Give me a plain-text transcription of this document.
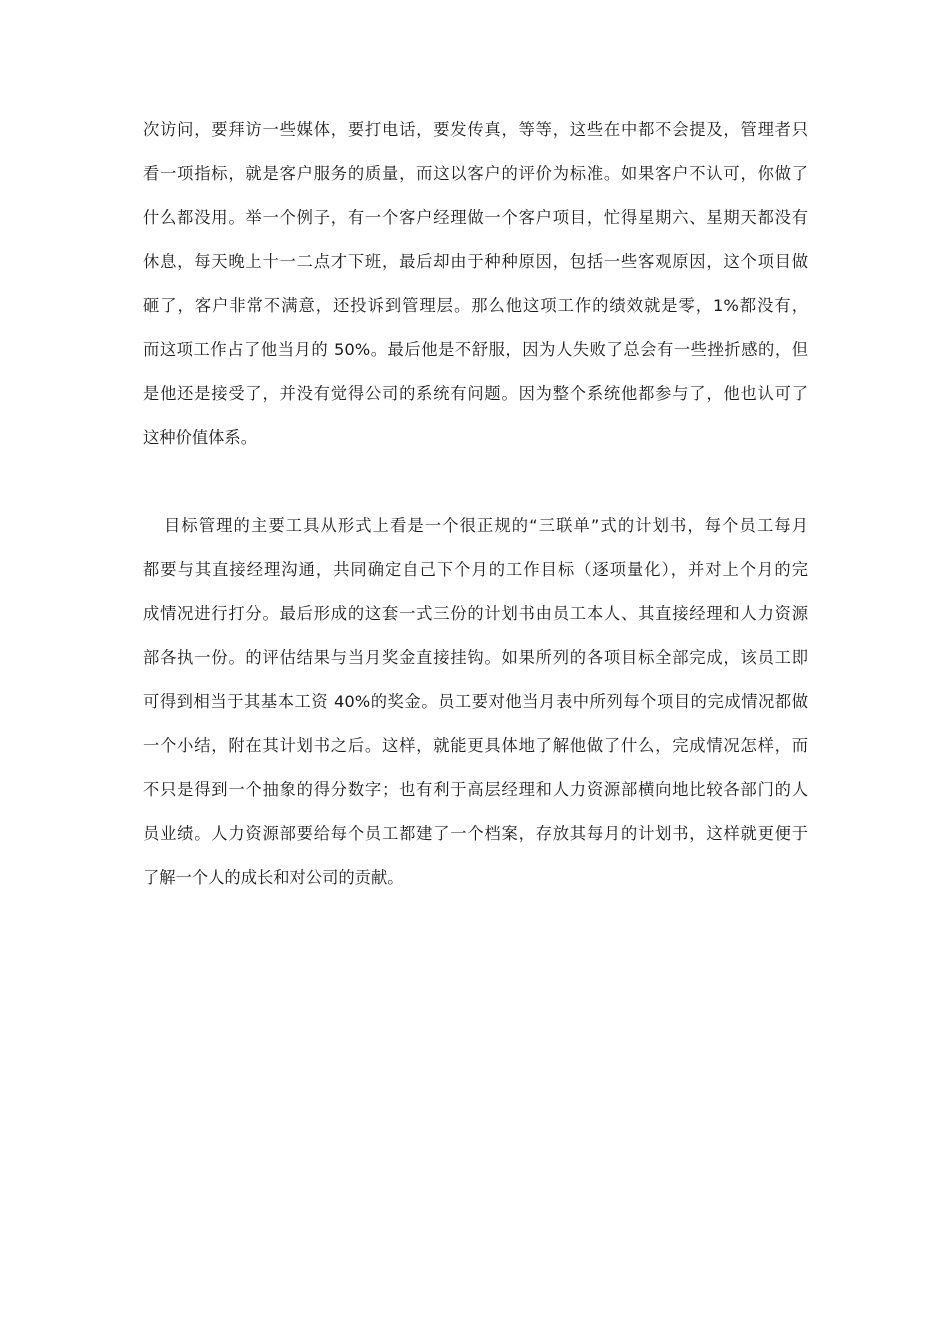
次访问，要拜访一些媒体，要打电话，要发传真，等等，这些在中都不会提及，管理者只
看一项指标，就是客户服务的质量，而这以客户的评价为标准。如果客户不认可，你做了
什么都没用。举一个例子，有一个客户经理做一个客户项目，忙得星期六、星期天都没有
休息，每天晚上十一二点才下班，最后却由于种种原因，包括一些客观原因，这个项目做
砸了，客户非常不满意，还投诉到管理层。那么他这项工作的绩效就是零，1%都没有，
而这项工作占了他当月的 50%。最后他是不舒服，因为人失败了总会有一些挫折感的，但
是他还是接受了，并没有觉得公司的系统有问题。因为整个系统他都参与了，他也认可了
这种价值体系。
目标管理的主要工具从形式上看是一个很正规的“三联单”式的计划书，每个员工每月
都要与其直接经理沟通，共同确定自己下个月的工作目标（逐项量化），并对上个月的完
成情况进行打分。最后形成的这套一式三份的计划书由员工本人、其直接经理和人力资源
部各执一份。的评估结果与当月奖金直接挂钩。如果所列的各项目标全部完成，该员工即
可得到相当于其基本工资 40%的奖金。员工要对他当月表中所列每个项目的完成情况都做
一个小结，附在其计划书之后。这样，就能更具体地了解他做了什么，完成情况怎样，而
不只是得到一个抽象的得分数字；也有利于高层经理和人力资源部横向地比较各部门的人
员业绩。人力资源部要给每个员工都建了一个档案，存放其每月的计划书，这样就更便于
了解一个人的成长和对公司的贡献。
